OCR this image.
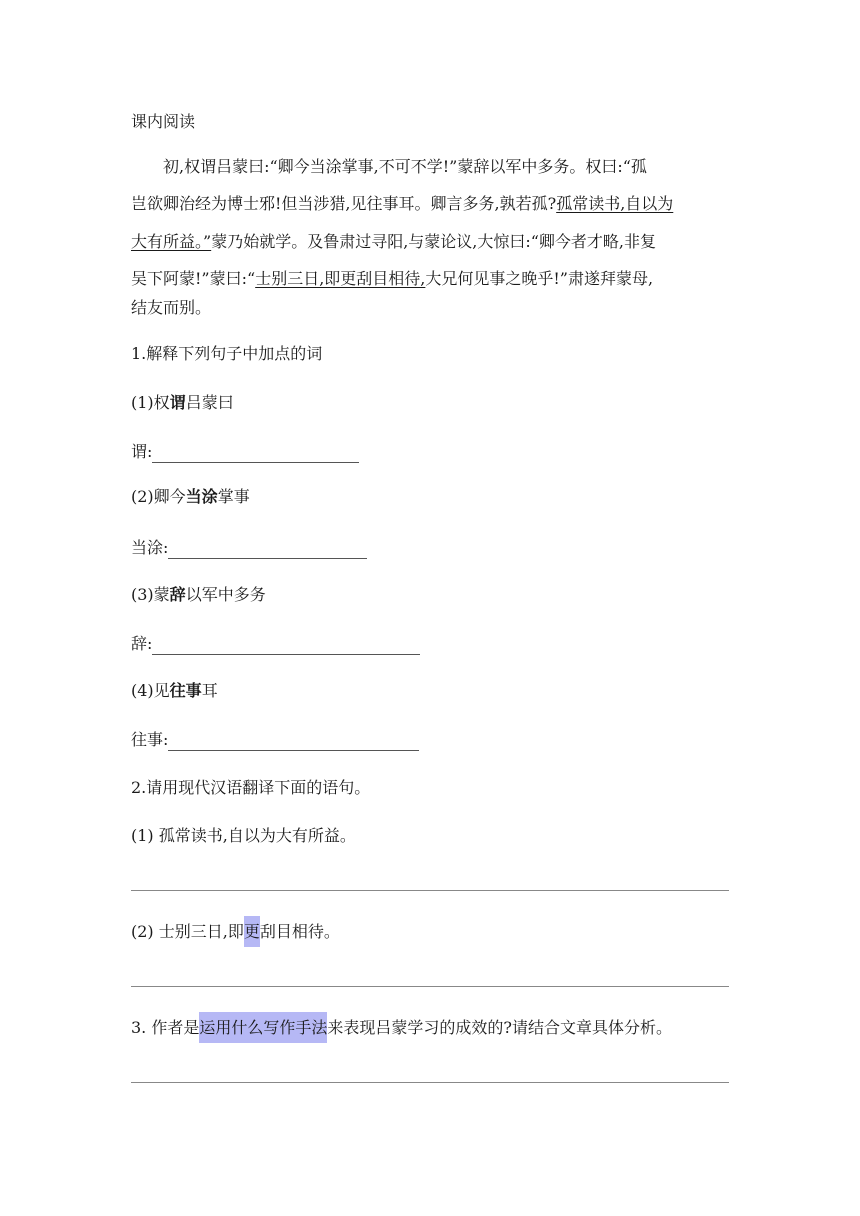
课内阅读
初,权谓吕蒙曰:“卿今当涂掌事,不可不学!”蒙辞以军中多务。权曰:“孤
岂欲卿治经为博士邪!但当涉猎,见往事耳。卿言多务,孰若孤?孤常读书,自以为
大有所益。”蒙乃始就学。及鲁肃过寻阳,与蒙论议,大惊曰:“卿今者才略,非复
吴下阿蒙!”蒙曰:“士别三日,即更刮目相待,大兄何见事之晚乎!”肃遂拜蒙母,
结友而别。
1.解释下列句子中加点的词
(1)权谓吕蒙曰
谓:
(2)卿今当涂掌事
当涂:
(3)蒙辞以军中多务
辞:
(4)见往事耳
往事:
2.请用现代汉语翻译下面的语句。
(1) 孤常读书,自以为大有所益。
(2) 士别三日,即更刮目相待。
3. 作者是运用什么写作手法来表现吕蒙学习的成效的?请结合文章具体分析。
